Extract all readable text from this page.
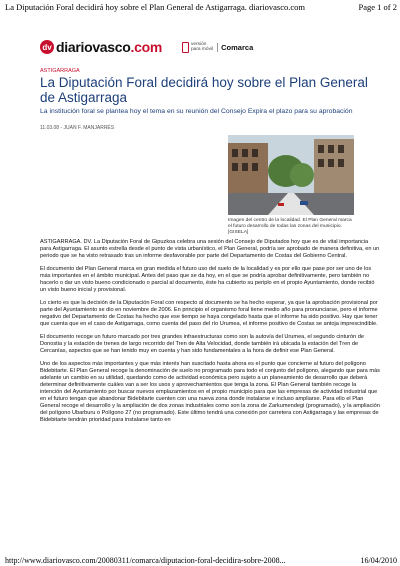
La Diputación Foral decidirá hoy sobre el Plan General de Astigarraga. diariovasco.com	Page 1 of 2
dv diariovasco.com	versión
para móvil	Comarca
ASTIGARRAGA
La Diputación Foral decidirá hoy sobre el Plan General de Astigarraga

La institución foral se plantea hoy el tema en su reunión del Consejo Expira el plazo para su aprobación

11.03.08 - JUAN F. MANJARRÉS
Imagen del centro de la localidad. El Plan General marca el futuro desarrollo de todas las zonas del municipio. [GISELA]

ASTIGARRAGA. DV. La Diputación Foral de Gipuzkoa celebra una sesión del Consejo de Diputados hoy que es de vital importancia para Astigarraga. El asunto estrella desde el punto de vista urbanístico, el Plan General, podría ser aprobado de manera definitiva, en un periodo que se ha visto retrasado tras un informe desfavorable por parte del Departamento de Costas del Gobierno Central.

El documento del Plan General marca en gran medida el futuro uso del suelo de la localidad y es por ello que pase por ser uno de los más importantes en el ámbito municipal. Antes del paso que se da hoy, en el que se podría aprobar definitivamente, pero también no hacerlo o dar un visto bueno condicionado o parcial al documento, éste ha cubierto su periplo en el propio Ayuntamiento, donde recibió un visto bueno inicial y provisional.

Lo cierto es que la decisión de la Diputación Foral con respecto al documento se ha hecho esperar, ya que la aprobación provisional por parte del Ayuntamiento se dio en noviembre de 2006. En principio el organismo foral tiene medio año para pronunciarse, pero el informe negativo del Departamento de Costas ha hecho que ese tiempo se haya congelado hasta que el informe ha sido positivo. Hay que tener que cuenta que en el caso de Astigarraga, como cuenta del paso del río Urumea, el informe positivo de Costas se antoja imprescindible.

El documento recoge un futuro marcado por tres grandes infraestructuras como son la autovía del Urumea, el segundo cinturón de Donostia y la estación de trenes de largo recorrido del Tren de Alta Velocidad, donde también irá ubicada la estación del Tren de Cercanías, aspectos que se han tenido muy en cuenta y han sido fundamentales a la hora de definir ese Plan General.

Uno de los aspectos más importantes y que más interés han suscitado hasta ahora es el punto que concierne al futuro del polígono Bidebitarte. El Plan General recoge la denominación de suelo no programado para todo el conjunto del polígono, alegando que para más adelante un cambio en su utilidad, quedando como de actividad económica pero sujeto a un planeamiento de desarrollo que deberá determinar definitivamente cuáles van a ser los usos y aprovechamientos que tenga la zona. El Plan General también recoge la intención del Ayuntamiento por buscar nuevos emplazamientos en el propio municipio para que las empresas de actividad industrial que en el futuro tengan que abandonar Bidebitarte cuenten con una nueva zona donde instalarse e incluso ampliarse. Para ello el Plan General recoge el desarrollo y la ampliación de dos zonas industriales como son la zona de Zarkumendegi (programado), y la ampliación del polígono Ubarburu o Polígono 27 (no programado). Este último tendrá una conexión por carretera con Astigarraga y las empresas de Bidebitarte tendrán prioridad para instalarse tanto en

http://www.diariovasco.com/20080311/comarca/diputacion-foral-decidira-sobre-2008...	16/04/2010
